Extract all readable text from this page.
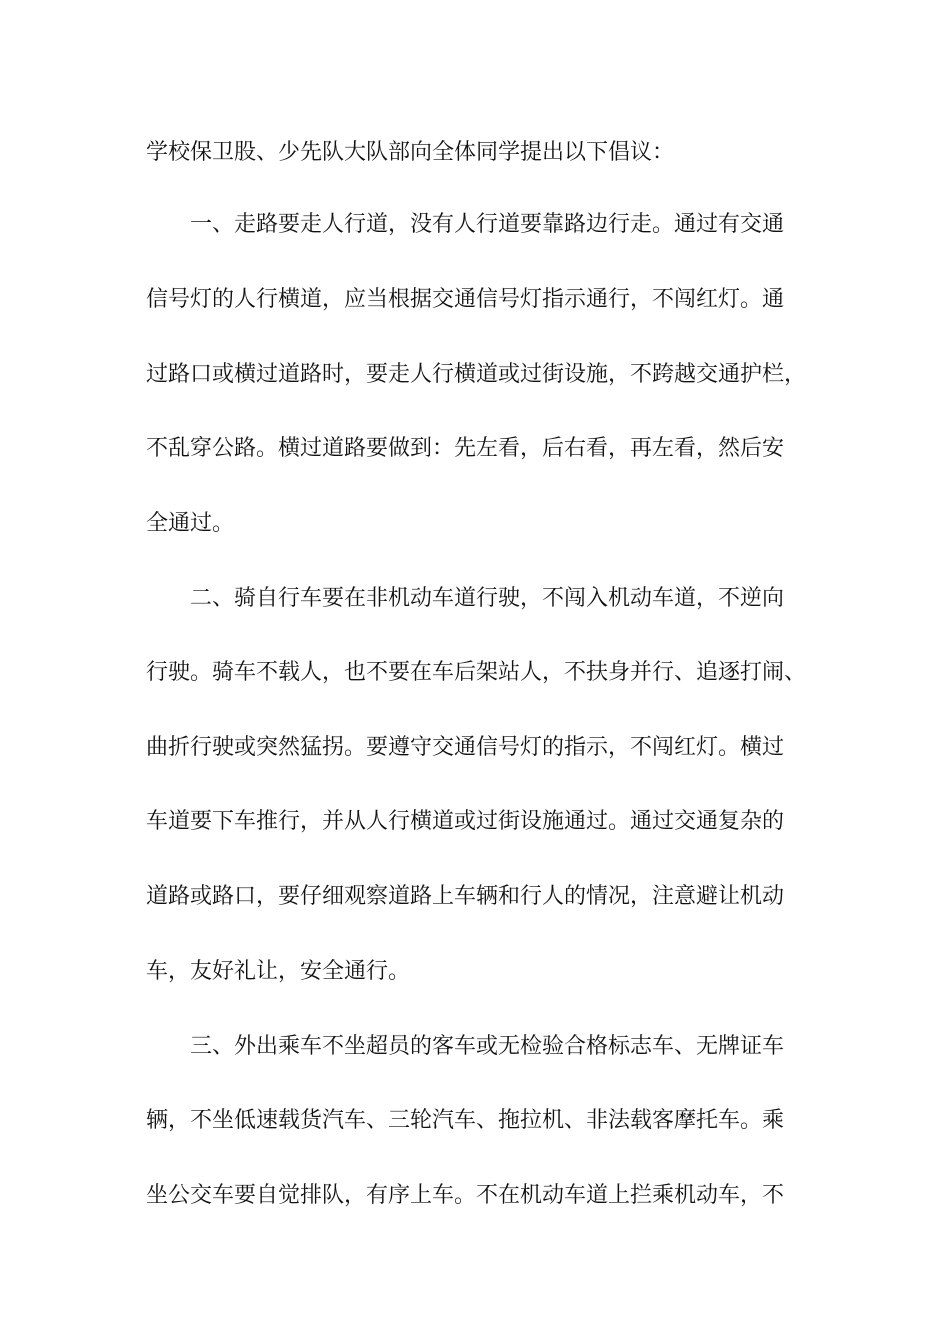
学校保卫股、少先队大队部向全体同学提出以下倡议：
一、走路要走人行道，没有人行道要靠路边行走。通过有交通
信号灯的人行横道，应当根据交通信号灯指示通行，不闯红灯。通
过路口或横过道路时，要走人行横道或过街设施，不跨越交通护栏，
不乱穿公路。横过道路要做到：先左看，后右看，再左看，然后安
全通过。
二、骑自行车要在非机动车道行驶，不闯入机动车道，不逆向
行驶。骑车不载人，也不要在车后架站人，不扶身并行、追逐打闹、
曲折行驶或突然猛拐。要遵守交通信号灯的指示，不闯红灯。横过
车道要下车推行，并从人行横道或过街设施通过。通过交通复杂的
道路或路口，要仔细观察道路上车辆和行人的情况，注意避让机动
车，友好礼让，安全通行。
三、外出乘车不坐超员的客车或无检验合格标志车、无牌证车
辆，不坐低速载货汽车、三轮汽车、拖拉机、非法载客摩托车。乘
坐公交车要自觉排队，有序上车。不在机动车道上拦乘机动车，不
